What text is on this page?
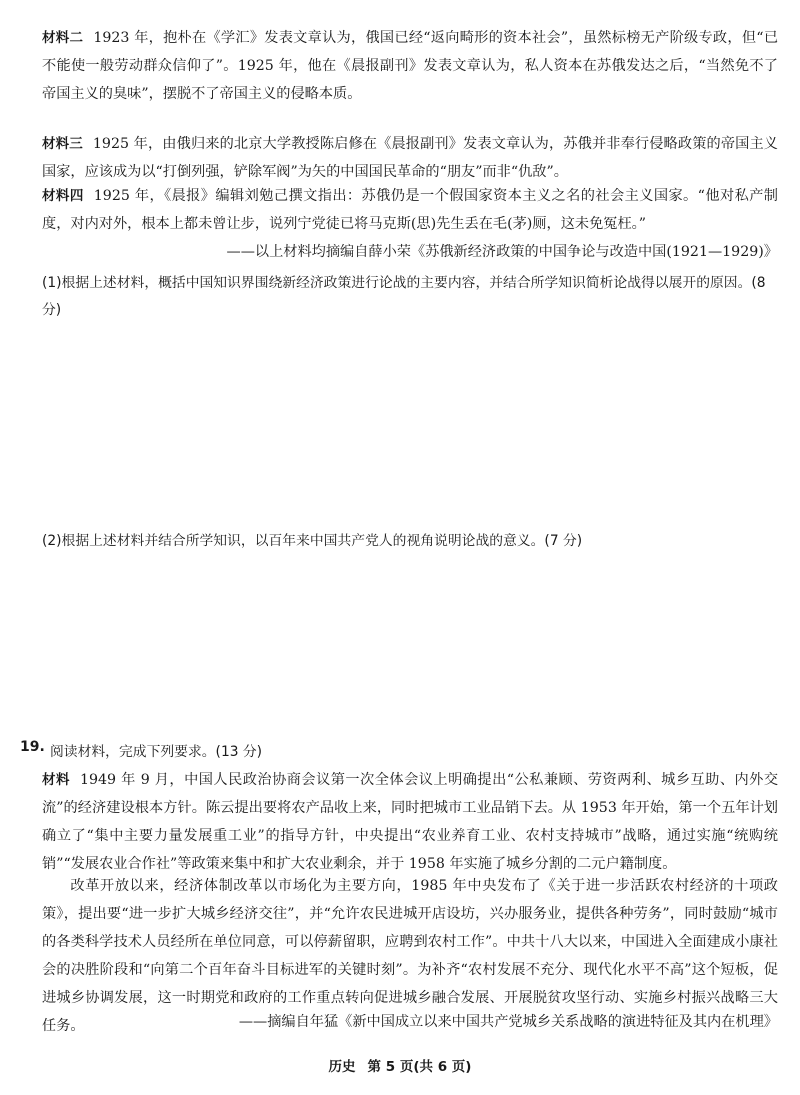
材料二 1923 年，抱朴在《学汇》发表文章认为，俄国已经“返向畸形的资本社会”，虽然标榜无产阶级专政，但“已不能使一般劳动群众信仰了”。1925 年，他在《晨报副刊》发表文章认为，私人资本在苏俄发达之后，“当然免不了帝国主义的臭味”，摆脱不了帝国主义的侵略本质。

材料三 1925 年，由俄归来的北京大学教授陈启修在《晨报副刊》发表文章认为，苏俄并非奉行侵略政策的帝国主义国家，应该成为以“打倒列强，铲除军阀”为矢的中国国民革命的“朋友”而非“仇敌”。

材料四 1925 年，《晨报》编辑刘勉己撰文指出：苏俄仍是一个假国家资本主义之名的社会主义国家。“他对私产制度，对内对外，根本上都未曾让步，说列宁党徒已将马克斯(思)先生丢在毛(茅)厕，这未免冤枉。”

——以上材料均摘编自薛小荣《苏俄新经济政策的中国争论与改造中国(1921—1929)》

(1)根据上述材料，概括中国知识界围绕新经济政策进行论战的主要内容，并结合所学知识简析论战得以展开的原因。(8 分)

(2)根据上述材料并结合所学知识，以百年来中国共产党人的视角说明论战的意义。(7 分)

19. 阅读材料，完成下列要求。(13 分)

材料 1949 年 9 月，中国人民政治协商会议第一次全体会议上明确提出“公私兼顾、劳资两利、城乡互助、内外交流”的经济建设根本方针。陈云提出要将农产品收上来，同时把城市工业品销下去。从 1953 年开始，第一个五年计划确立了“集中主要力量发展重工业”的指导方针，中央提出“农业养育工业、农村支持城市”战略，通过实施“统购统销”“发展农业合作社”等政策来集中和扩大农业剩余，并于 1958 年实施了城乡分割的二元户籍制度。

改革开放以来，经济体制改革以市场化为主要方向，1985 年中央发布了《关于进一步活跃农村经济的十项政策》，提出要“进一步扩大城乡经济交往”，并“允许农民进城开店设坊，兴办服务业，提供各种劳务”，同时鼓励“城市的各类科学技术人员经所在单位同意，可以停薪留职，应聘到农村工作”。中共十八大以来，中国进入全面建成小康社会的决胜阶段和“向第二个百年奋斗目标进军的关键时刻”。为补齐“农村发展不充分、现代化水平不高”这个短板，促进城乡协调发展，这一时期党和政府的工作重点转向促进城乡融合发展、开展脱贫攻坚行动、实施乡村振兴战略三大任务。	——摘编自年猛《新中国成立以来中国共产党城乡关系战略的演进特征及其内在机理》
历史 第 5 页(共 6 页)
